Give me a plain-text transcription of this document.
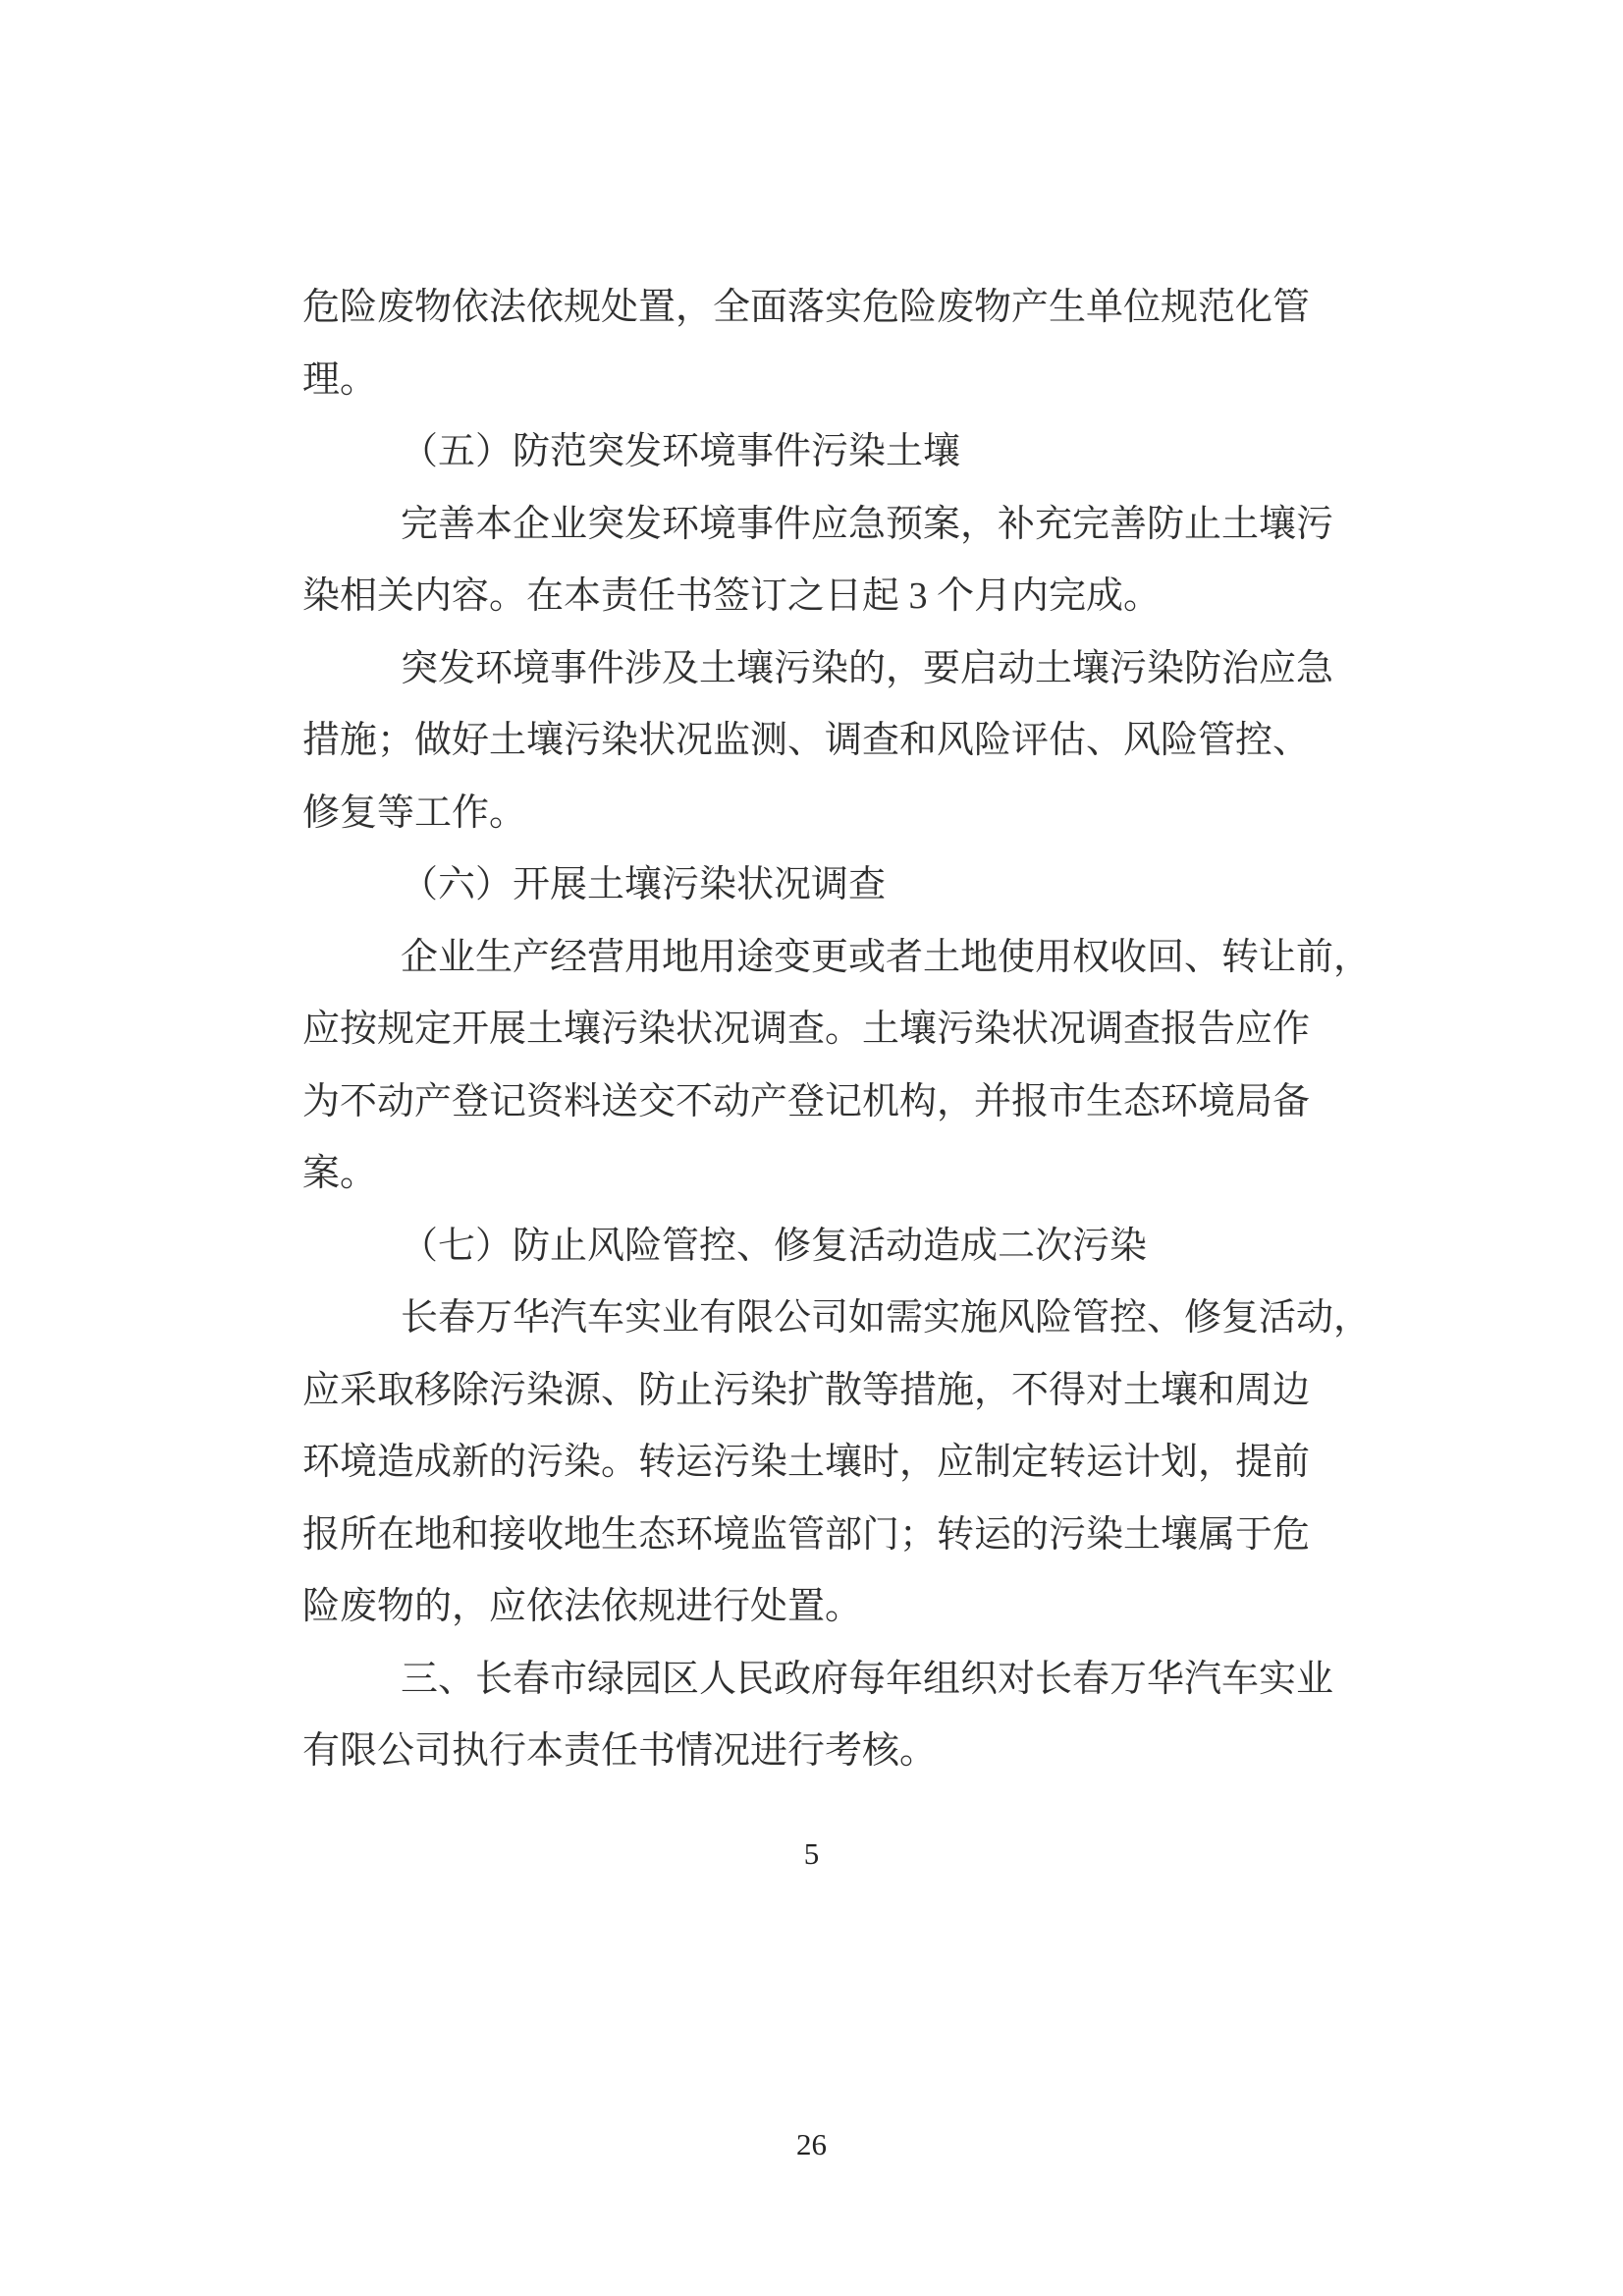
危险废物依法依规处置，全面落实危险废物产生单位规范化管
理。
（五）防范突发环境事件污染土壤
完善本企业突发环境事件应急预案，补充完善防止土壤污
染相关内容。在本责任书签订之日起 3 个月内完成。
突发环境事件涉及土壤污染的，要启动土壤污染防治应急
措施；做好土壤污染状况监测、调查和风险评估、风险管控、
修复等工作。
（六）开展土壤污染状况调查
企业生产经营用地用途变更或者土地使用权收回、转让前，
应按规定开展土壤污染状况调查。土壤污染状况调查报告应作
为不动产登记资料送交不动产登记机构，并报市生态环境局备
案。
（七）防止风险管控、修复活动造成二次污染
长春万华汽车实业有限公司如需实施风险管控、修复活动，
应采取移除污染源、防止污染扩散等措施，不得对土壤和周边
环境造成新的污染。转运污染土壤时，应制定转运计划，提前
报所在地和接收地生态环境监管部门；转运的污染土壤属于危
险废物的，应依法依规进行处置。
三、长春市绿园区人民政府每年组织对长春万华汽车实业
有限公司执行本责任书情况进行考核。
5
26
